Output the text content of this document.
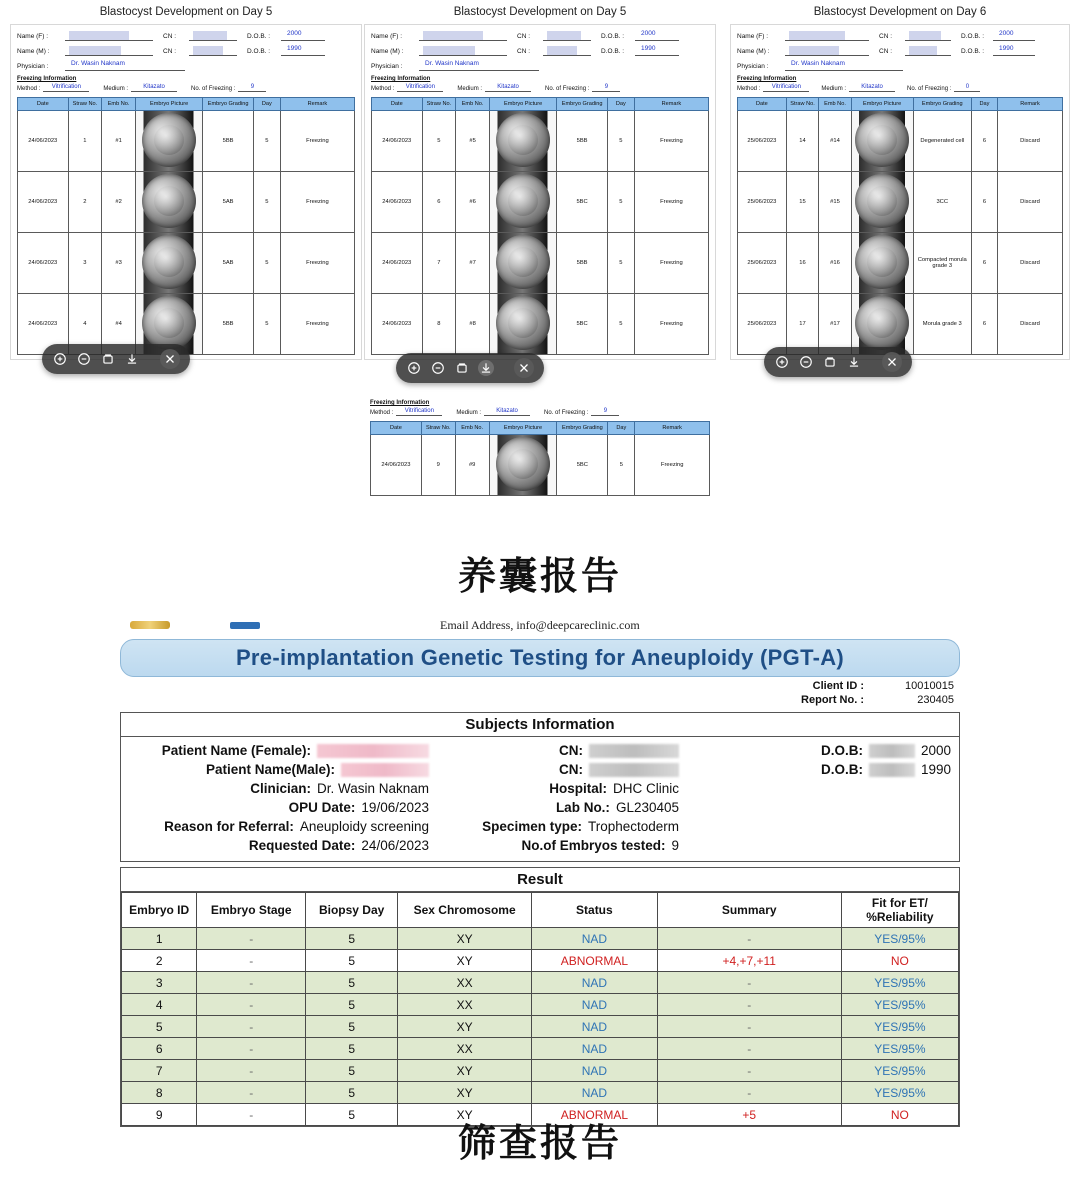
Blastocyst Development on Day 5
Name (F) :	CN :	D.O.B. :	2000
Name (M) :	CN :	D.O.B. :	1990
Physician :	Dr. Wasin Naknam
Freezing Information
Method :	Vitrification	Medium :	Kitazato	No. of Freezing :	9
Date	Straw No.	Emb No.	Embryo Picture	Embryo Grading	Day	Remark
24/06/2023	1	#1		5BB	5	Freezing
24/06/2023	2	#2		5AB	5	Freezing
24/06/2023	3	#3		5AB	5	Freezing
24/06/2023	4	#4		5BB	5	Freezing
Blastocyst Development on Day 5
Name (F) :	CN :	D.O.B. :	2000
Name (M) :	CN :	D.O.B. :	1990
Physician :	Dr. Wasin Naknam
Freezing Information
Method :	Vitrification	Medium :	Kitazato	No. of Freezing :	9
Date	Straw No.	Emb No.	Embryo Picture	Embryo Grading	Day	Remark
24/06/2023	5	#5		5BB	5	Freezing
24/06/2023	6	#6		5BC	5	Freezing
24/06/2023	7	#7		5BB	5	Freezing
24/06/2023	8	#8		5BC	5	Freezing
Freezing Information
Method :	Vitrification	Medium :	Kitazato	No. of Freezing :	9
Date	Straw No.	Emb No.	Embryo Picture	Embryo Grading	Day	Remark
24/06/2023	9	#9		5BC	5	Freezing
Blastocyst Development on Day 6
Name (F) :	CN :	D.O.B. :	2000
Name (M) :	CN :	D.O.B. :	1990
Physician :	Dr. Wasin Naknam
Freezing Information
Method :	Vitrification	Medium :	Kitazato	No. of Freezing :	0
Date	Straw No.	Emb No.	Embryo Picture	Embryo Grading	Day	Remark
25/06/2023	14	#14		Degenerated cell	6	Discard
25/06/2023	15	#15		3CC	6	Discard
25/06/2023	16	#16		Compacted morula grade 3	6	Discard
25/06/2023	17	#17		Morula grade 3	6	Discard
养囊报告
Email Address, info@deepcareclinic.com
Pre-implantation Genetic Testing for Aneuploidy (PGT-A)
Client ID :	10010015
Report No. :	230405
Subjects Information
Patient Name (Female):	CN:	D.O.B:	2000
Patient Name(Male):	CN:	D.O.B:	1990
Clinician: Dr. Wasin Naknam	Hospital: DHC Clinic
OPU Date: 19/06/2023	Lab No.: GL230405
Reason for Referral: Aneuploidy screening	Specimen type: Trophectoderm
Requested Date: 24/06/2023	No.of Embryos tested: 9
Result
Embryo ID	Embryo Stage	Biopsy Day	Sex Chromosome	Status	Summary	Fit for ET/ %Reliability
1	-	5	XY	NAD	-	YES/95%
2	-	5	XY	ABNORMAL	+4,+7,+11	NO
3	-	5	XX	NAD	-	YES/95%
4	-	5	XX	NAD	-	YES/95%
5	-	5	XY	NAD	-	YES/95%
6	-	5	XX	NAD	-	YES/95%
7	-	5	XY	NAD	-	YES/95%
8	-	5	XY	NAD	-	YES/95%
9	-	5	XY	ABNORMAL	+5	NO
筛查报告
